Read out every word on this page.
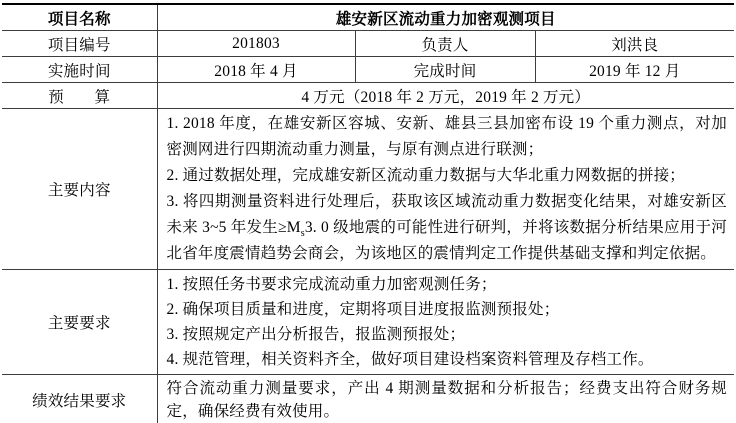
项目名称	雄安新区流动重力加密观测项目		
项目编号	201803	负责人	刘洪良
实施时间	2018 年 4 月	完成时间	2019 年 12 月
预算	4 万元（2018 年 2 万元，2019 年 2 万元）		
主要内容	1. 2018 年度，在雄安新区容城、安新、雄县三县加密布设 19 个重力测点，对加密测网进行四期流动重力测量，与原有测点进行联测；

2. 通过数据处理，完成雄安新区流动重力数据与大华北重力网数据的拼接；

3. 将四期测量资料进行处理后，获取该区域流动重力数据变化结果，对雄安新区未来 3~5 年发生$\ge M_s3$. 0 级地震的可能性进行研判，并将该数据分析结果应用于河北省年度震情趋势会商会，为该地区的震情判定工作提供基础支撑和判定依据。		

主要要求	1. 按照任务书要求完成流动重力加密观测任务；

2. 确保项目质量和进度，定期将项目进度报监测预报处；

3. 按照规定产出分析报告，报监测预报处；

4. 规范管理，相关资料齐全，做好项目建设档案资料管理及存档工作。		

绩效结果要求	符合流动重力测量要求，产出 4 期测量数据和分析报告；经费支出符合财务规定，确保经费有效使用。		
